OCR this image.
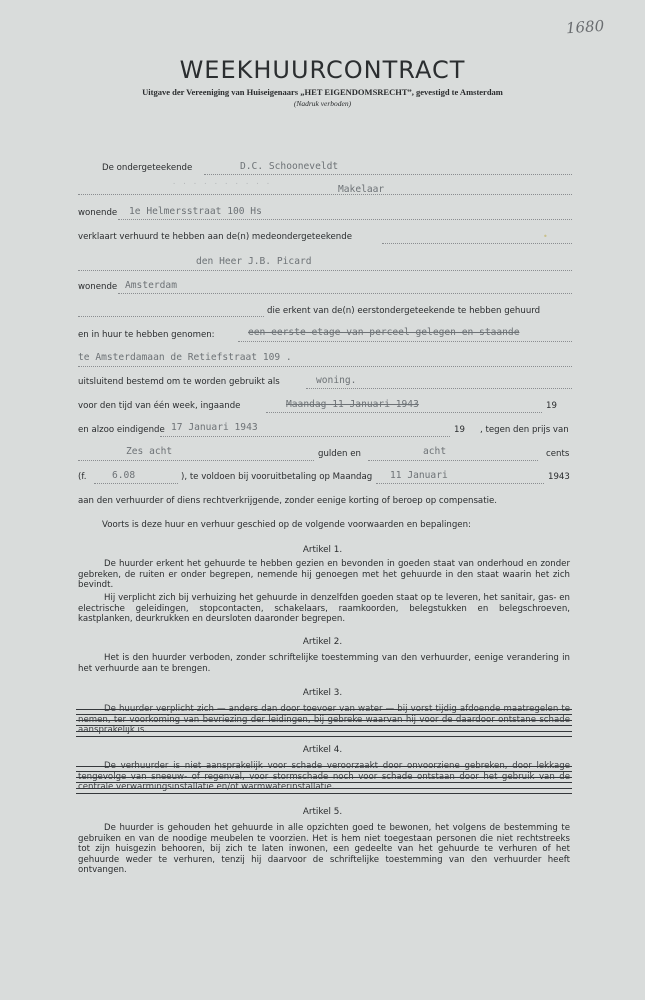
1680
WEEKHUURCONTRACT
Uitgave der Vereeniging van Huiseigenaars „HET EIGENDOMSRECHT”, gevestigd te Amsterdam
(Nadruk verboden)
De ondergeteekende	D.C. Schooneveldt
· · · · · · · · · ·	Makelaar
wonende 1e Helmersstraat 100 Hs
verklaart verhuurd te hebben aan de(n) medeondergeteekende	•
den Heer J.B. Picard
wonende Amsterdam
die erkent van de(n) eerstondergeteekende te hebben gehuurd
en in huur te hebben genomen:	een eerste etage van perceel gelegen en staande
te Amsterdamaan de Retiefstraat 109 .
uitsluitend bestemd om te worden gebruikt als	woning.
voor den tijd van één week, ingaande	Maandag 11 Januari 1943	19
en alzoo eindigende 17 Januari 1943	19 , tegen den prijs van
Zes acht	gulden en	acht	cents
(f.	6.08	), te voldoen bij vooruitbetaling op Maandag 11 Januari	1943
aan den verhuurder of diens rechtverkrijgende, zonder eenige korting of beroep op compensatie.
Voorts is deze huur en verhuur geschied op de volgende voorwaarden en bepalingen:
Artikel 1.
De huurder erkent het gehuurde te hebben gezien en bevonden in goeden staat van onderhoud en zonder gebreken, de ruiten er onder begrepen, nemende hij genoegen met het gehuurde in den staat waarin het zich bevindt.
Hij verplicht zich bij verhuizing het gehuurde in denzelfden goeden staat op te leveren, het sanitair, gas- en electrische geleidingen, stopcontacten, schakelaars, raamkoorden, belegstukken en belegschroeven, kastplanken, deurkrukken en deursloten daaronder begrepen.
Artikel 2.
Het is den huurder verboden, zonder schriftelijke toestemming van den verhuurder, eenige verandering in het verhuurde aan te brengen.
Artikel 3.
De huurder verplicht zich — anders dan door toevoer van water — bij vorst tijdig afdoende maatregelen te nemen, ter voorkoming van bevriezing der leidingen, bij gebreke waarvan hij voor de daardoor ontstane schade aansprakelijk is.
Artikel 4.
De verhuurder is niet aansprakelijk voor schade veroorzaakt door onvoorziene gebreken, door lekkage tengevolge van sneeuw- of regenval, voor stormschade noch voor schade ontstaan door het gebruik van de centrale verwarmingsinstallatie en/of warmwaterinstallatie.
Artikel 5.
De huurder is gehouden het gehuurde in alle opzichten goed te bewonen, het volgens de bestemming te gebruiken en van de noodige meubelen te voorzien. Het is hem niet toegestaan personen die niet rechtstreeks tot zijn huisgezin behooren, bij zich te laten inwonen, een gedeelte van het gehuurde te verhuren of het gehuurde weder te verhuren, tenzij hij daarvoor de schriftelijke toestemming van den verhuurder heeft ontvangen.
